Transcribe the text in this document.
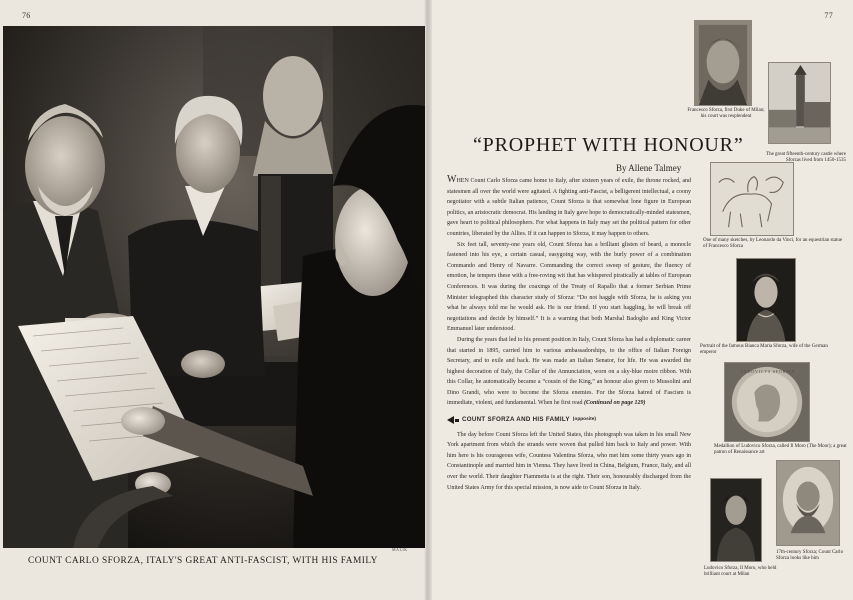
76
MALIK
COUNT CARLO SFORZA, ITALY'S GREAT ANTI-FASCIST, WITH HIS FAMILY
77
“PROPHET WITH HONOUR”
By Allene Talmey

WHEN Count Carlo Sforza came home to Italy, after sixteen years of exile, the throne rocked, and statesmen all over the world were agitated. A fighting anti-Fascist, a belligerent intellectual, a coony negotiator with a subtle Italian patience, Count Sforza is that somewhat lone figure in European politics, an aristocratic democrat. His landing in Italy gave hope to democratically-minded statesmen, gave heart to political philosophers. For what happens in Italy may set the political pattern for other countries, liberated by the Allies. If it can happen to Sforza, it may happen to others.

Six feet tall, seventy-one years old, Count Sforza has a brilliant glisten of beard, a monocle fastened into his eye, a certain casual, easygoing way, with the burly power of a combination Commando and Henry of Navarre. Commanding the correct sweep of gesture, the fluency of emotion, he tempers these with a free-roving wit that has whispered piratically at tables of European Conferences. It was during the coaxings of the Treaty of Rapallo that a former Serbian Prime Minister telegraphed this character study of Sforza: “Do not haggle with Sforza, he is asking you what he always told me he would ask. He is our friend. If you start haggling, he will break off negotiations and decide by himself.” It is a warning that both Marshal Badoglio and King Victor Emmanuel later understood.

During the years that led to his present position in Italy, Count Sforza has had a diplomatic career that started in 1895, carried him to various ambassadorships, to the office of Italian Foreign Secretary, and to exile and back. He was made an Italian Senator, for life. He was awarded the highest decoration of Italy, the Collar of the Annunciation, worn on a sky-blue moire ribbon. With this Collar, he automatically became a “cousin of the King,” an honour also given to Mussolini and Dino Grandi, who were to become the Sforza enemies. For the Sforza hatred of Fascism is immediate, violent, and fundamental. When he first read (Continued on page 129)

COUNT SFORZA AND HIS FAMILY (opposite)

The day before Count Sforza left the United States, this photograph was taken in his small New York apartment from which the strands were woven that pulled him back to Italy and power. With him here is his courageous wife, Countess Valentina Sforza, who met him some thirty years ago in Constantinople and married him in Vienna. They have lived in China, Belgium, France, Italy, and all over the world. Their daughter Fiammetta is at the right. Their son, honourably discharged from the United States Army for this special mission, is now aide to Count Sforza in Italy.

Francesco Sforza, first Duke of Milan; his court was resplendent
The great fifteenth-century castle where Sforzas lived from 1450-1535
One of many sketches, by Leonardo da Vinci, for an equestrian statue of Francesco Sforza
Portrait of the famous Bianca Maria Sforza, wife of the German emperor
LVDOVICVS SFORTIA
Medallion of Ludovico Sforza, called Il Moro (The Moor); a great patron of Renaissance art
Ludovico Sforza, Il Moro, who held brilliant court at Milan
17th-century Sforza; Count Carlo Sforza looks like him
